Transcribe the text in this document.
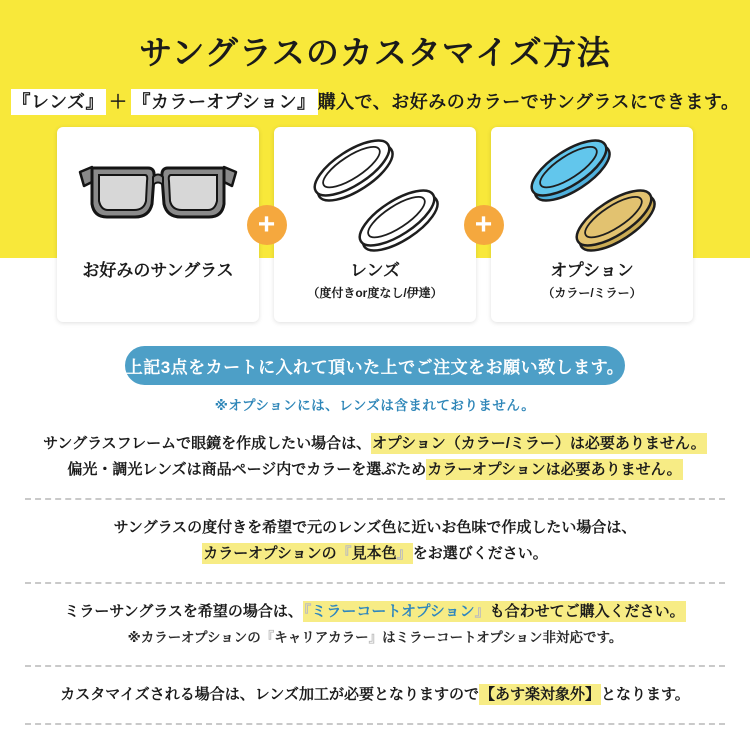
サングラスのカスタマイズ方法
『レンズ』 ＋ 『カラーオプション』 購入で、お好みのカラーでサングラスにできます。
お好みのサングラス
+
レンズ
（度付きor度なし/伊達）
+
オプション
（カラー/ミラー）
上記3点をカートに入れて頂いた上でご注文をお願い致します。
※オプションには、レンズは含まれておりません。
サングラスフレームで眼鏡を作成したい場合は、オプション（カラー/ミラー）は必要ありません。
偏光・調光レンズは商品ページ内でカラーを選ぶためカラーオプションは必要ありません。
サングラスの度付きを希望で元のレンズ色に近いお色味で作成したい場合は、
カラーオプションの『見本色』をお選びください。
ミラーサングラスを希望の場合は、『ミラーコートオプション』も合わせてご購入ください。
※カラーオプションの『キャリアカラー』はミラーコートオプション非対応です。
カスタマイズされる場合は、レンズ加工が必要となりますので【あす楽対象外】となります。
